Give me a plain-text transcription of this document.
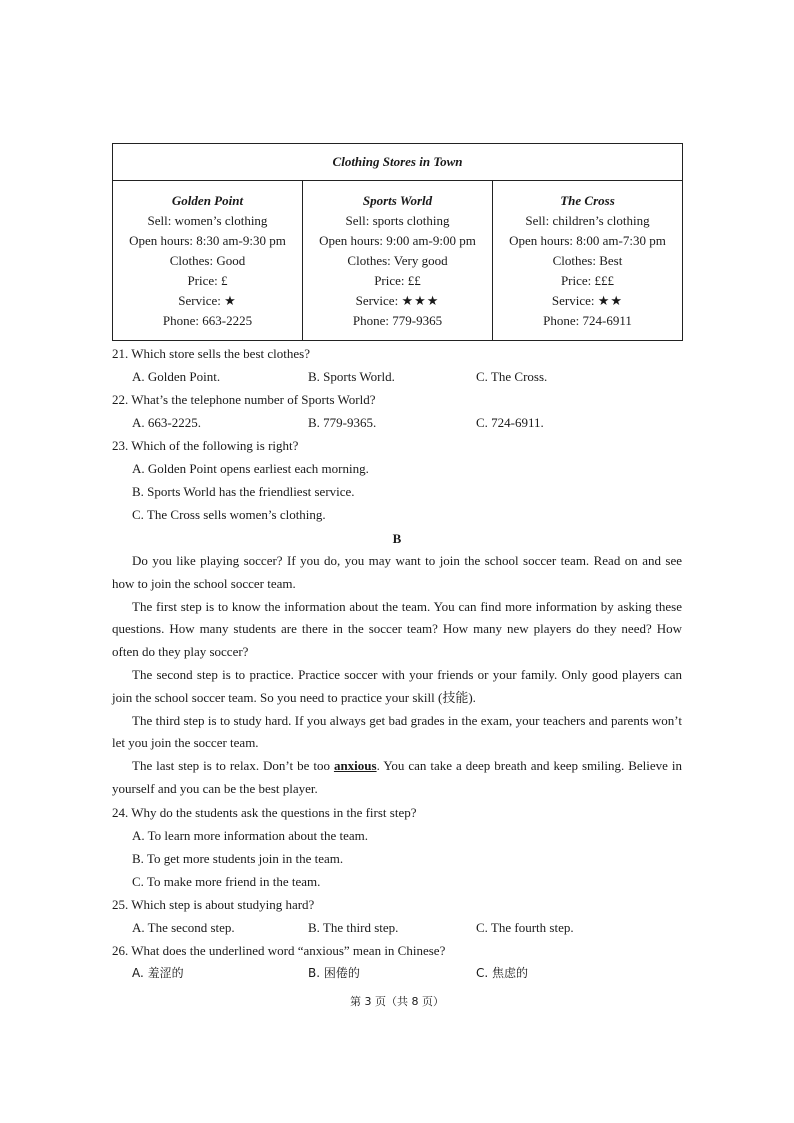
Clothing Stores in Town

Golden Point
Sell: women’s clothing
Open hours: 8:30 am-9:30 pm
Clothes: Good
Price: £
Service: ★
Phone: 663-2225

Sports World
Sell: sports clothing
Open hours: 9:00 am-9:00 pm
Clothes: Very good
Price: ££
Service: ★★★
Phone: 779-9365

The Cross
Sell: children’s clothing
Open hours: 8:00 am-7:30 pm
Clothes: Best
Price: £££
Service: ★★
Phone: 724-6911
21. Which store sells the best clothes?
A. Golden Point.	B. Sports World.	C. The Cross.
22. What’s the telephone number of Sports World?
A. 663-2225.	B. 779-9365.	C. 724-6911.
23. Which of the following is right?
A. Golden Point opens earliest each morning.
B. Sports World has the friendliest service.
C. The Cross sells women’s clothing.
B

Do you like playing soccer? If you do, you may want to join the school soccer team. Read on and see how to join the school soccer team.

The first step is to know the information about the team. You can find more information by asking these questions. How many students are there in the soccer team? How many new players do they need? How often do they play soccer?

The second step is to practice. Practice soccer with your friends or your family. Only good players can join the school soccer team. So you need to practice your skill (技能).

The third step is to study hard. If you always get bad grades in the exam, your teachers and parents won’t let you join the soccer team.

The last step is to relax. Don’t be too anxious. You can take a deep breath and keep smiling. Believe in yourself and you can be the best player.

24. Why do the students ask the questions in the first step?
A. To learn more information about the team.
B. To get more students join in the team.
C. To make more friend in the team.
25. Which step is about studying hard?
A. The second step.	B. The third step.	C. The fourth step.
26. What does the underlined word “anxious” mean in Chinese?
A. 羞涩的	B. 困倦的	C. 焦虑的
第 3 页（共 8 页）
